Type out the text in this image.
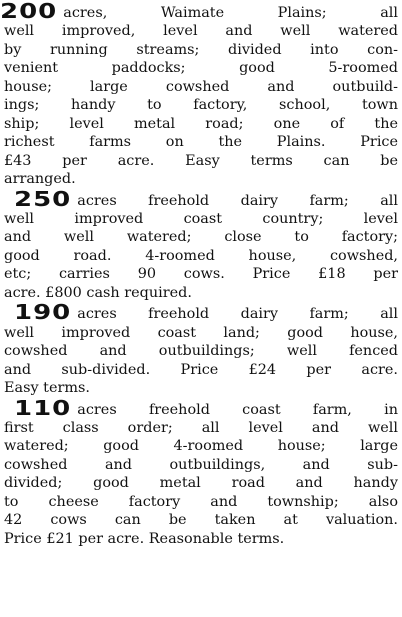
200 acres, Waimate Plains; all
well improved, level and well watered
by running streams; divided into con-
venient paddocks; good 5-roomed
house; large cowshed and outbuild-
ings; handy to factory, school, town
ship; level metal road; one of the
richest farms on the Plains. Price
£43 per acre. Easy terms can be
arranged.
250 acres freehold dairy farm; all
well improved coast country; level
and well watered; close to factory;
good road. 4-roomed house, cowshed,
etc; carries 90 cows. Price £18 per
acre. £800 cash required.
190 acres freehold dairy farm; all
well improved coast land; good house,
cowshed and outbuildings; well fenced
and sub-divided. Price £24 per acre.
Easy terms.
110 acres freehold coast farm, in
first class order; all level and well
watered; good 4-roomed house; large
cowshed and outbuildings, and sub-
divided; good metal road and handy
to cheese factory and township; also
42 cows can be taken at valuation.
Price £21 per acre. Reasonable terms.
